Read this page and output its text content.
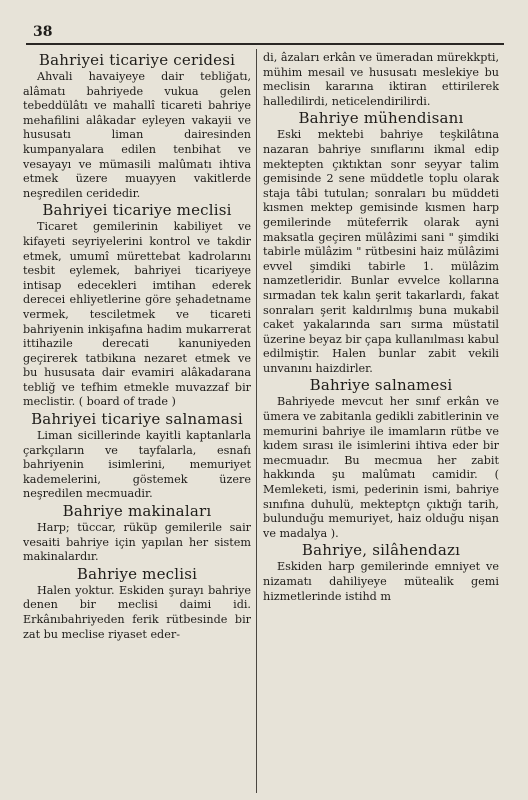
38
Bahriyei ticariye ceridesi

Ahvali havaiyeye dair tebliğatı, alâmatı bahriyede vukua gelen tebeddülâtı ve mahallî ticareti bahriye mehafilini alâkadar eyleyen vakayii ve hususatı liman dairesinden kumpanyalara edilen tenbihat ve vesayayı ve mümasili malûmatı ihtiva etmek üzere muayyen vakitlerde neşredilen ceridedir.

Bahriyei ticariye meclisi

Ticaret gemilerinin kabiliyet ve kifayeti seyriyelerini kontrol ve takdir etmek, umumî mürettebat kadrolarını tesbit eylemek, bahriyei ticariyeye intisap edecekleri imtihan ederek derecei ehliyetlerine göre şehadetname vermek, tesciletmek ve ticareti bahriyenin inkişafına hadim mukarrerat ittihazile derecati kanuniyeden geçirerek tatbikına nezaret etmek ve bu hususata dair evamiri alâkadarana tebliğ ve tefhim etmekle muvazzaf bir meclistir. ( board of trade )

Bahriyei ticariye salnamasi

Liman sicillerinde kayitli kaptanlarla çarkçıların ve tayfalarla, esnafı bahriyenin isimlerini, memuriyet kademelerini, göstemek üzere neşredilen mecmuadir.

Bahriye makinaları

Harp; tüccar, rüküp gemilerile sair vesaiti bahriye için yapılan her sistem makinalardır.

Bahriye meclisi

Halen yoktur. Eskiden şurayı bahriye denen bir meclisi daimi idi. Erkânıbahriyeden ferik rütbesinde bir zat bu meclise riyaset eder-

di, âzaları erkân ve ümeradan mürekkpti, mühim mesail ve hususatı meslekiye bu meclisin kararına iktiran ettirilerek halledilirdi, neticelendirilirdi.

Bahriye mühendisanı

Eski mektebi bahriye teşkilâtına nazaran bahriye sınıflarını ikmal edip mektepten çıktıktan sonr seyyar talim gemisinde 2 sene müddetle toplu olarak staja tâbi tutulan; sonraları bu müddeti kısmen mektep gemisinde kısmen harp gemilerinde müteferrik olarak ayni maksatla geçiren mülâzimi sani " şimdiki tabirle mülâzim " rütbesini haiz mülâzimi evvel şimdiki tabirle 1. mülâzim namzetleridir. Bunlar evvelce kollarına sırmadan tek kalın şerit takarlardı, fakat sonraları şerit kaldırılmış buna mukabil caket yakalarında sarı sırma müstatil üzerine beyaz bir çapa kullanılması kabul edilmiştir. Halen bunlar zabit vekili unvanını haizdirler.

Bahriye salnamesi

Bahriyede mevcut her sınıf erkân ve ümera ve zabitanla gedikli zabitlerinin ve memurini bahriye ile imamların rütbe ve kıdem sırası ile isimlerini ihtiva eder bir mecmuadır. Bu mecmua her zabit hakkında şu malûmatı camidir. ( Memleketi, ismi, pederinin ismi, bahriye sınıfına duhulü, mekteptçn çıktığı tarih, bulunduğu memuriyet, haiz olduğu nişan ve madalya ).

Bahriye, silâhendazı

Eskiden harp gemilerinde emniyet ve nizamatı dahiliyeye mütealik gemi hizmetlerinde istihd m
